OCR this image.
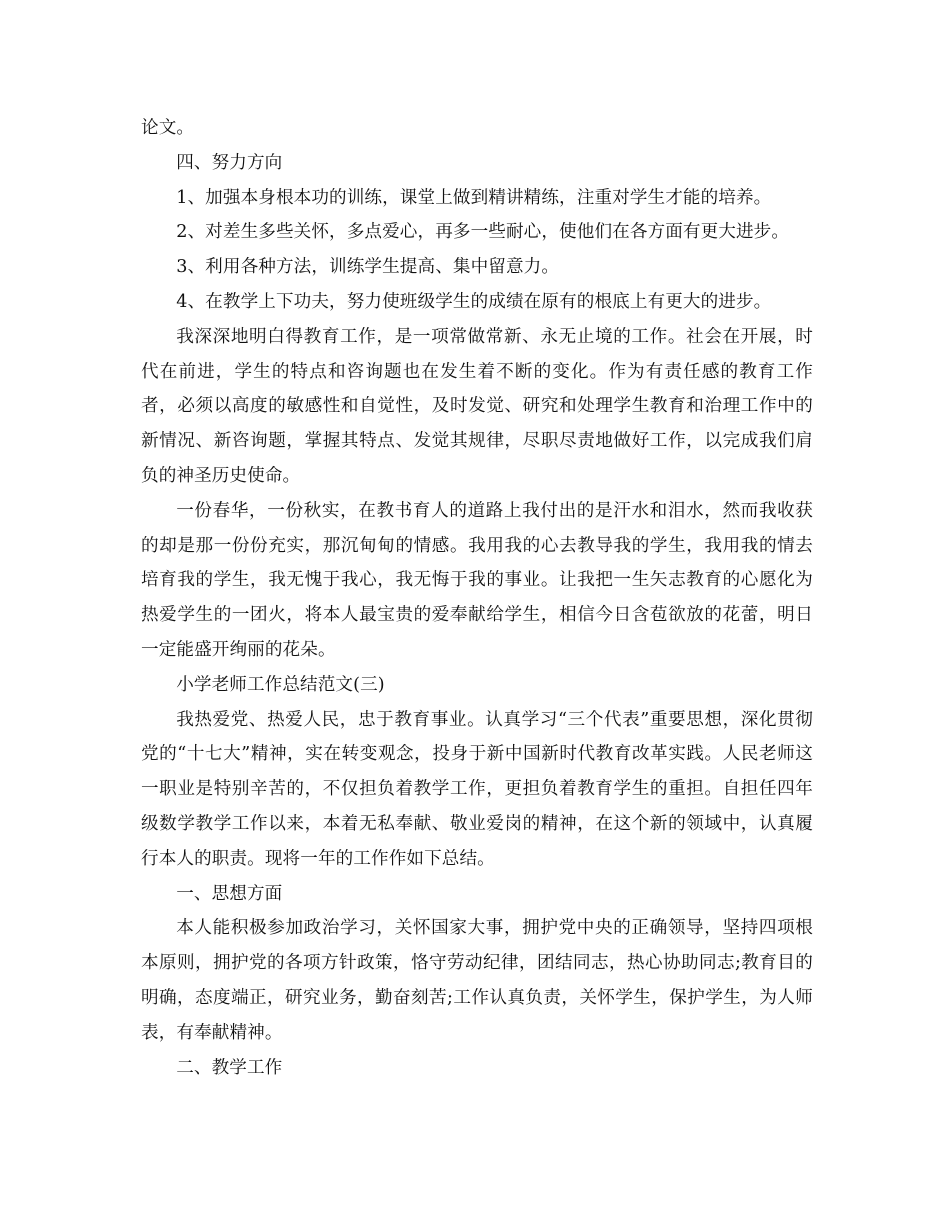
论文。

四、努力方向

1、加强本身根本功的训练，课堂上做到精讲精练，注重对学生才能的培养。

2、对差生多些关怀，多点爱心，再多一些耐心，使他们在各方面有更大进步。

3、利用各种方法，训练学生提高、集中留意力。

4、在教学上下功夫，努力使班级学生的成绩在原有的根底上有更大的进步。

我深深地明白得教育工作，是一项常做常新、永无止境的工作。社会在开展，时代在前进，学生的特点和咨询题也在发生着不断的变化。作为有责任感的教育工作者，必须以高度的敏感性和自觉性，及时发觉、研究和处理学生教育和治理工作中的新情况、新咨询题，掌握其特点、发觉其规律，尽职尽责地做好工作，以完成我们肩负的神圣历史使命。

一份春华，一份秋实，在教书育人的道路上我付出的是汗水和泪水，然而我收获的却是那一份份充实，那沉甸甸的情感。我用我的心去教导我的学生，我用我的情去培育我的学生，我无愧于我心，我无悔于我的事业。让我把一生矢志教育的心愿化为热爱学生的一团火，将本人最宝贵的爱奉献给学生，相信今日含苞欲放的花蕾，明日一定能盛开绚丽的花朵。

小学老师工作总结范文(三)

我热爱党、热爱人民，忠于教育事业。认真学习“三个代表”重要思想，深化贯彻党的“十七大”精神，实在转变观念，投身于新中国新时代教育改革实践。人民老师这一职业是特别辛苦的，不仅担负着教学工作，更担负着教育学生的重担。自担任四年级数学教学工作以来，本着无私奉献、敬业爱岗的精神，在这个新的领域中，认真履行本人的职责。现将一年的工作作如下总结。

一、思想方面

本人能积极参加政治学习，关怀国家大事，拥护党中央的正确领导，坚持四项根本原则，拥护党的各项方针政策，恪守劳动纪律，团结同志，热心协助同志;教育目的明确，态度端正，研究业务，勤奋刻苦;工作认真负责，关怀学生，保护学生，为人师表，有奉献精神。

二、教学工作
